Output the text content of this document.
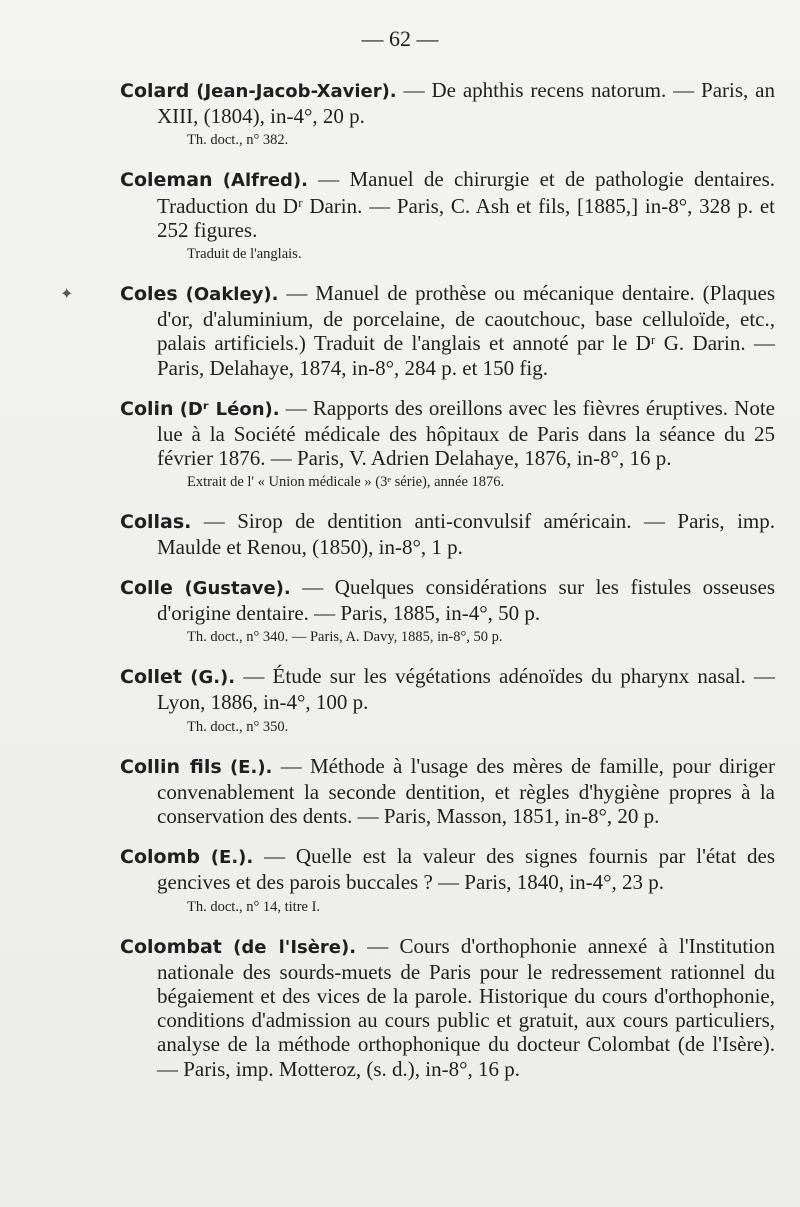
— 62 —
✦
Colard (Jean-Jacob-Xavier). — De aphthis recens natorum. — Paris, an XIII, (1804), in-4°, 20 p.
Th. doct., n° 382.
Coleman (Alfred). — Manuel de chirurgie et de pathologie dentaires. Traduction du Dʳ Darin. — Paris, C. Ash et fils, [1885,] in-8°, 328 p. et 252 figures.
Traduit de l'anglais.
Coles (Oakley). — Manuel de prothèse ou mécanique dentaire. (Plaques d'or, d'aluminium, de porcelaine, de caoutchouc, base celluloïde, etc., palais artificiels.) Traduit de l'anglais et annoté par le Dʳ G. Darin. — Paris, Delahaye, 1874, in-8°, 284 p. et 150 fig.
Colin (Dʳ Léon). — Rapports des oreillons avec les fièvres éruptives. Note lue à la Société médicale des hôpitaux de Paris dans la séance du 25 février 1876. — Paris, V. Adrien Delahaye, 1876, in-8°, 16 p.
Extrait de l' « Union médicale » (3ᵉ série), année 1876.
Collas. — Sirop de dentition anti-convulsif américain. — Paris, imp. Maulde et Renou, (1850), in-8°, 1 p.
Colle (Gustave). — Quelques considérations sur les fistules osseuses d'origine dentaire. — Paris, 1885, in-4°, 50 p.
Th. doct., n° 340. — Paris, A. Davy, 1885, in-8°, 50 p.
Collet (G.). — Étude sur les végétations adénoïdes du pharynx nasal. — Lyon, 1886, in-4°, 100 p.
Th. doct., n° 350.
Collin fils (E.). — Méthode à l'usage des mères de famille, pour diriger convenablement la seconde dentition, et règles d'hygiène propres à la conservation des dents. — Paris, Masson, 1851, in-8°, 20 p.
Colomb (E.). — Quelle est la valeur des signes fournis par l'état des gencives et des parois buccales ? — Paris, 1840, in-4°, 23 p.
Th. doct., n° 14, titre I.
Colombat (de l'Isère). — Cours d'orthophonie annexé à l'Institution nationale des sourds-muets de Paris pour le redressement rationnel du bégaiement et des vices de la parole. Historique du cours d'orthophonie, conditions d'admission au cours public et gratuit, aux cours particuliers, analyse de la méthode orthophonique du docteur Colombat (de l'Isère). — Paris, imp. Motteroz, (s. d.), in-8°, 16 p.
